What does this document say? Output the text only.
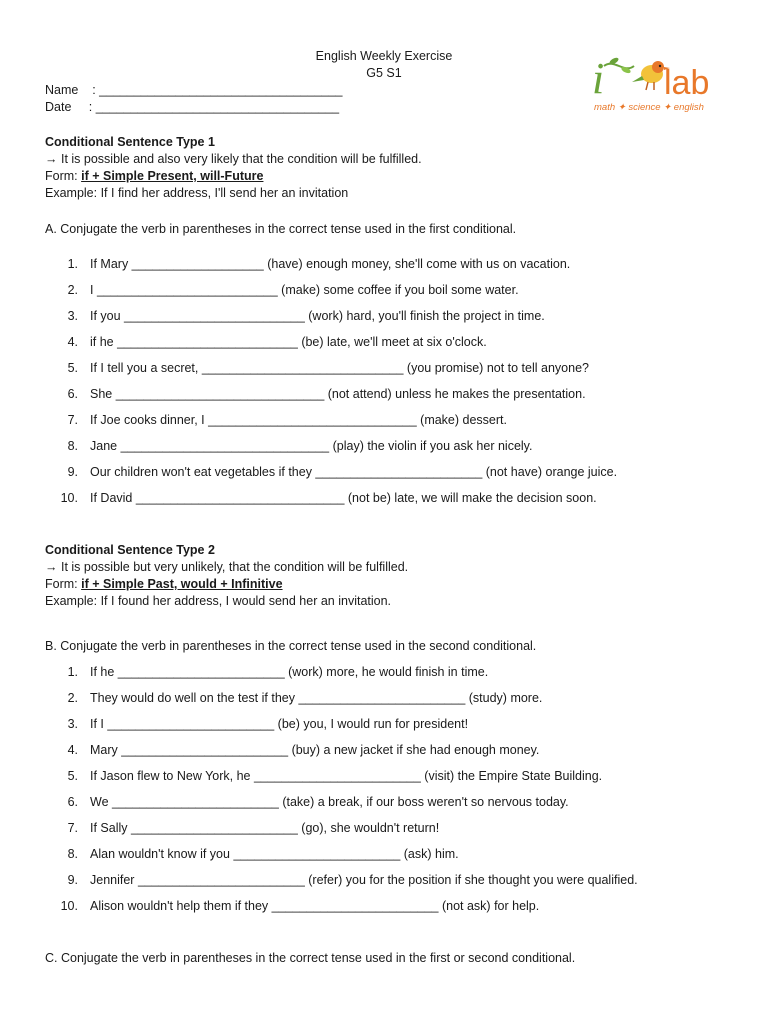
English Weekly Exercise
G5 S1	i lab
math ✦ science ✦ english
Name    : ___________________________________
Date     : ___________________________________
Conditional Sentence Type 1
→ It is possible and also very likely that the condition will be fulfilled.
Form: if + Simple Present, will-Future
Example: If I find her address, I'll send her an invitation
A. Conjugate the verb in parentheses in the correct tense used in the first conditional.
1. If Mary ___________________ (have) enough money, she'll come with us on vacation.
2. I __________________________ (make) some coffee if you boil some water.
3. If you __________________________ (work) hard, you'll finish the project in time.
4. if he __________________________ (be) late, we'll meet at six o'clock.
5. If I tell you a secret, _____________________________ (you promise) not to tell anyone?
6. She ______________________________ (not attend) unless he makes the presentation.
7. If Joe cooks dinner, I ______________________________ (make) dessert.
8. Jane ______________________________ (play) the violin if you ask her nicely.
9. Our children won't eat vegetables if they ________________________ (not have) orange juice.
10. If David ______________________________ (not be) late, we will make the decision soon.
Conditional Sentence Type 2
→ It is possible but very unlikely, that the condition will be fulfilled.
Form: if + Simple Past, would + Infinitive
Example: If I found her address, I would send her an invitation.
B. Conjugate the verb in parentheses in the correct tense used in the second conditional.
1. If he ________________________ (work) more, he would finish in time.
2. They would do well on the test if they ________________________ (study) more.
3. If I ________________________ (be) you, I would run for president!
4. Mary ________________________ (buy) a new jacket if she had enough money.
5. If Jason flew to New York, he ________________________ (visit) the Empire State Building.
6. We ________________________ (take) a break, if our boss weren't so nervous today.
7. If Sally ________________________ (go), she wouldn't return!
8. Alan wouldn't know if you ________________________ (ask) him.
9. Jennifer ________________________ (refer) you for the position if she thought you were qualified.
10. Alison wouldn't help them if they ________________________ (not ask) for help.
C. Conjugate the verb in parentheses in the correct tense used in the first or second conditional.
